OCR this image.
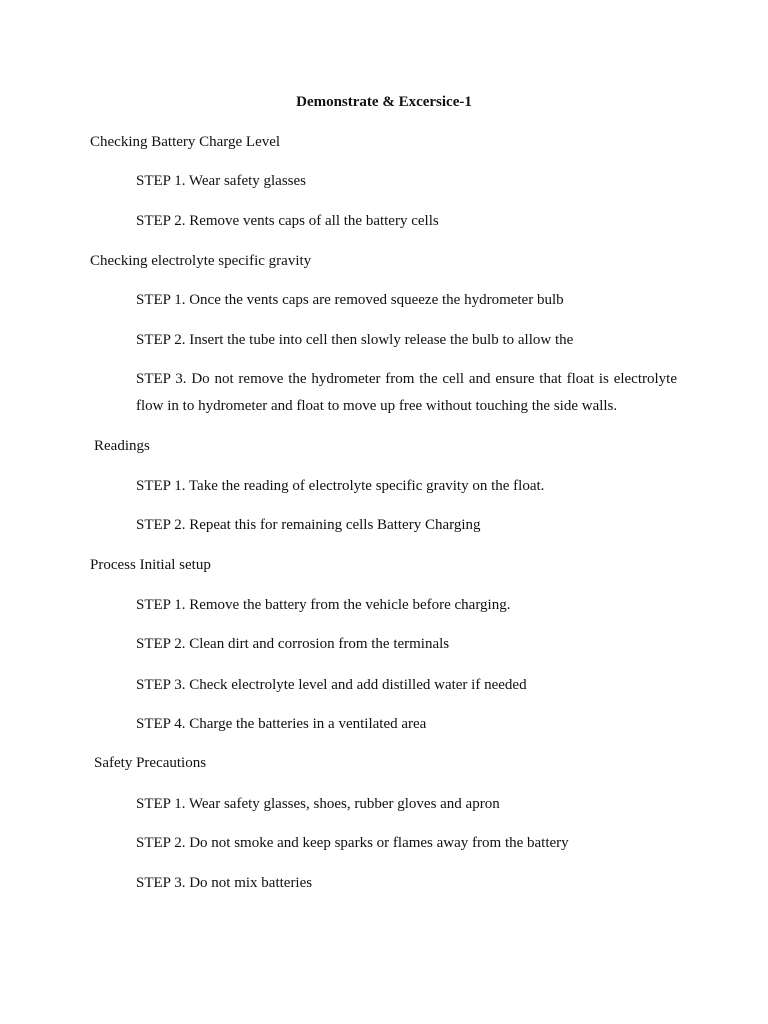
Demonstrate & Excersice-1
Checking Battery Charge Level
STEP 1. Wear safety glasses
STEP 2. Remove vents caps of all the battery cells
Checking electrolyte specific gravity
STEP 1. Once the vents caps are removed squeeze the hydrometer bulb
STEP 2. Insert the tube into cell then slowly release the bulb to allow the
STEP 3. Do not remove the hydrometer from the cell and ensure that float is electrolyte flow in to hydrometer and float to move up free without touching the side walls.
Readings
STEP 1. Take the reading of electrolyte specific gravity on the float.
STEP 2. Repeat this for remaining cells Battery Charging
Process Initial setup
STEP 1. Remove the battery from the vehicle before charging.
STEP 2. Clean dirt and corrosion from the terminals
STEP 3. Check electrolyte level and add distilled water if needed
STEP 4. Charge the batteries in a ventilated area
Safety Precautions
STEP 1. Wear safety glasses, shoes, rubber gloves and apron
STEP 2. Do not smoke and keep sparks or flames away from the battery
STEP 3. Do not mix batteries
